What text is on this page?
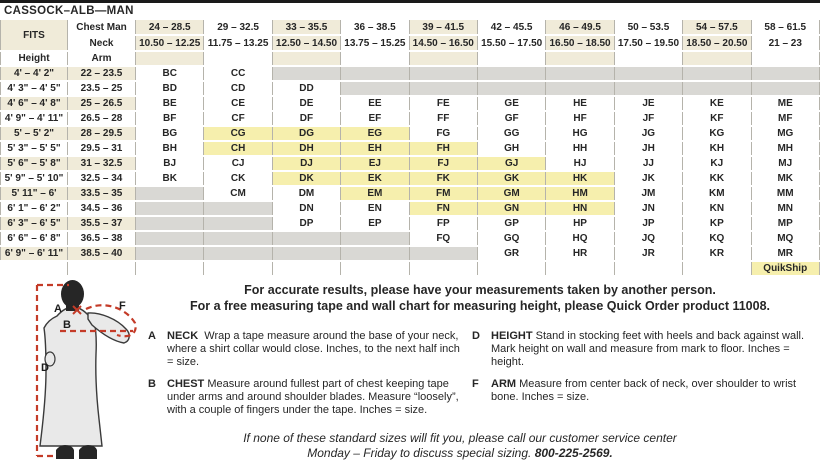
CASSOCK–ALB—MAN
FITS	Chest Man	24 – 28.5	29 – 32.5	33 – 35.5	36 – 38.5	39 – 41.5	42 – 45.5	46 – 49.5	50 – 53.5	54 – 57.5	58 – 61.5
	Neck	10.50 – 12.25	11.75 – 13.25	12.50 – 14.50	13.75 – 15.25	14.50 – 16.50	15.50 – 17.50	16.50 – 18.50	17.50 – 19.50	18.50 – 20.50	21 – 23
Height	Arm										
4' – 4' 2"	22 – 23.5	BC	CC								
4' 3" – 4' 5"	23.5 – 25	BD	CD	DD							
4' 6" – 4' 8"	25 – 26.5	BE	CE	DE	EE	FE	GE	HE	JE	KE	ME
4' 9" – 4' 11"	26.5 – 28	BF	CF	DF	EF	FF	GF	HF	JF	KF	MF
5' – 5' 2"	28 – 29.5	BG	CG	DG	EG	FG	GG	HG	JG	KG	MG
5' 3" – 5' 5"	29.5 – 31	BH	CH	DH	EH	FH	GH	HH	JH	KH	MH
5' 6" – 5' 8"	31 – 32.5	BJ	CJ	DJ	EJ	FJ	GJ	HJ	JJ	KJ	MJ
5' 9" – 5' 10"	32.5 – 34	BK	CK	DK	EK	FK	GK	HK	JK	KK	MK
5' 11" – 6'	33.5 – 35		CM	DM	EM	FM	GM	HM	JM	KM	MM
6' 1" – 6' 2"	34.5 – 36			DN	EN	FN	GN	HN	JN	KN	MN
6' 3" – 6' 5"	35.5 – 37			DP	EP	FP	GP	HP	JP	KP	MP
6' 6" – 6' 8"	36.5 – 38					FQ	GQ	HQ	JQ	KQ	MQ
6' 9" – 6' 11"	38.5 – 40						GR	HR	JR	KR	MR
											QuikShip
A
B
D
F
For accurate results, please have your measurements taken by another person.
For a free measuring tape and wall chart for measuring height, please Quick Order product 11008.
A	NECK Wrap a tape measure around the base of your neck, where a shirt collar would close. Inches, to the next half inch = size.
B	CHEST Measure around fullest part of chest keeping tape under arms and around shoulder blades. Measure “loosely”, with a couple of fingers under the tape. Inches = size.
D	HEIGHT Stand in stocking feet with heels and back against wall. Mark height on wall and measure from mark to floor. Inches = height.
F	ARM Measure from center back of neck, over shoulder to wrist bone. Inches = size.
If none of these standard sizes will fit you, please call our customer service center
Monday – Friday to discuss special sizing. 800-225-2569.
